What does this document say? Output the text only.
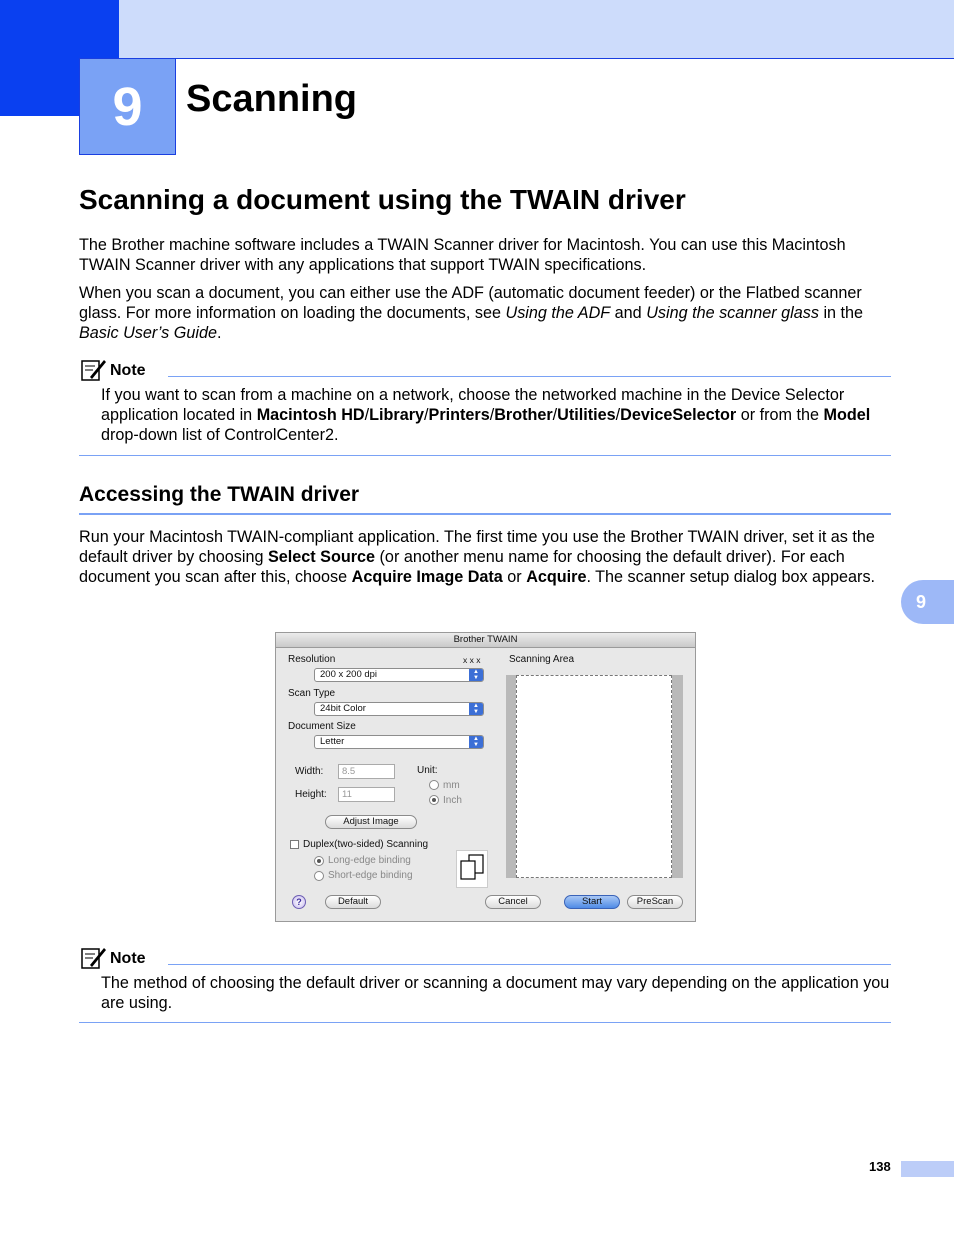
9	Scanning
Scanning a document using the TWAIN driver
The Brother machine software includes a TWAIN Scanner driver for Macintosh. You can use this Macintosh TWAIN Scanner driver with any applications that support TWAIN specifications.
When you scan a document, you can either use the ADF (automatic document feeder) or the Flatbed scanner glass. For more information on loading the documents, see Using the ADF and Using the scanner glass in the Basic User’s Guide.
Note
If you want to scan from a machine on a network, choose the networked machine in the Device Selector application located in Macintosh HD/Library/Printers/Brother/Utilities/DeviceSelector or from the Model drop-down list of ControlCenter2.
Accessing the TWAIN driver
Run your Macintosh TWAIN-compliant application. The first time you use the Brother TWAIN driver, set it as the default driver by choosing Select Source (or another menu name for choosing the default driver). For each document you scan after this, choose Acquire Image Data or Acquire. The scanner setup dialog box appears.
9
Brother TWAIN
Resolution	x x x
200 x 200 dpi	▲
▼
Scan Type
24bit Color	▲
▼
Document Size
Letter	▲
▼
Width:	8.5
Height:	11
Unit:
mm
Inch
Adjust Image
Duplex(two-sided) Scanning
Long-edge binding
Short-edge binding
Scanning Area
?	Default	Cancel	Start	PreScan
Note
The method of choosing the default driver or scanning a document may vary depending on the application you are using.
138
